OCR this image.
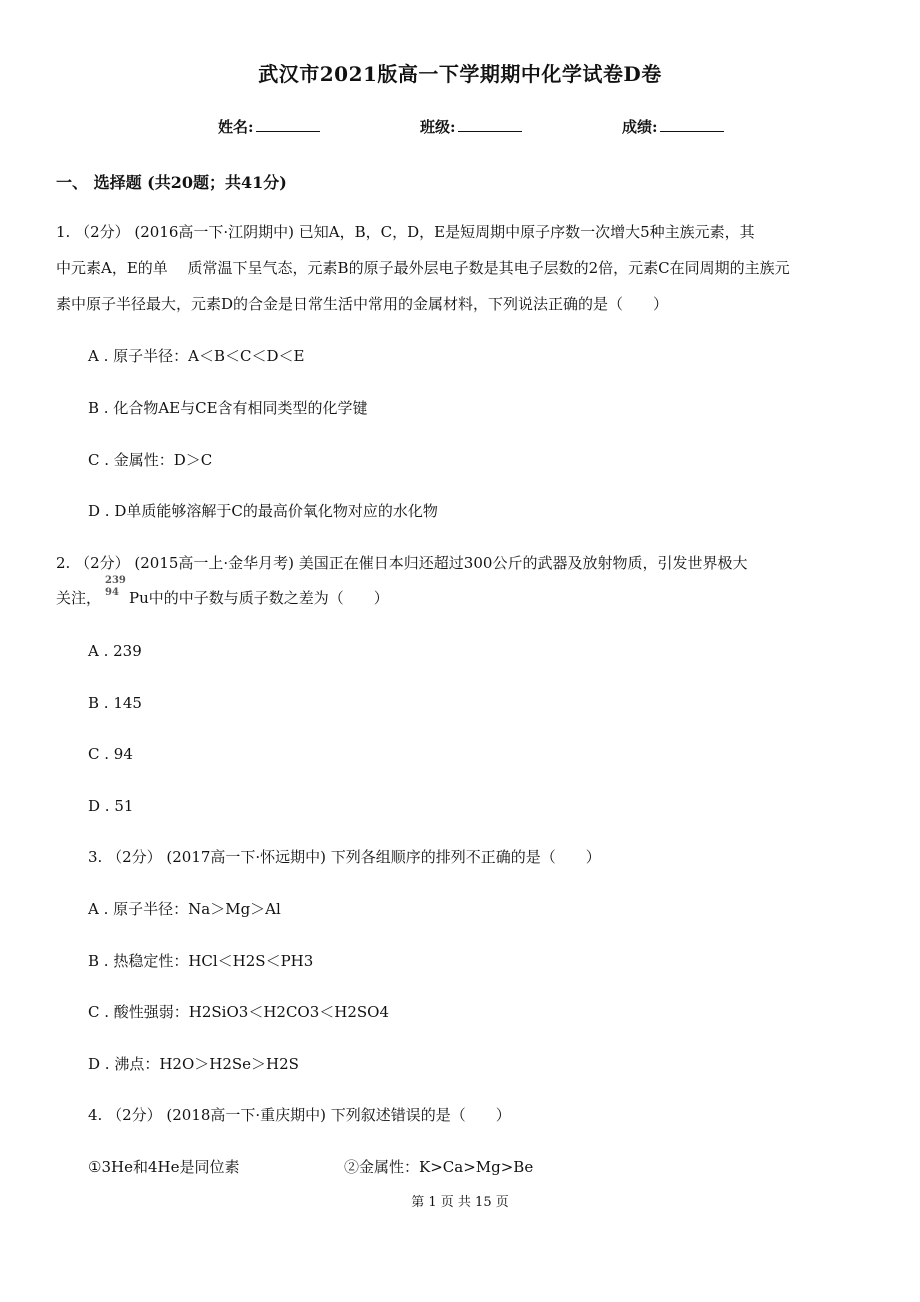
武汉市2021版高一下学期期中化学试卷D卷
姓名:	班级:	成绩:
一、 选择题 (共20题；共41分)
1. （2分） (2016高一下·江阴期中) 已知A，B，C，D，E是短周期中原子序数一次增大5种主族元素，其
中元素A，E的单　 质常温下呈气态，元素B的原子最外层电子数是其电子层数的2倍，元素C在同周期的主族元
素中原子半径最大，元素D的合金是日常生活中常用的金属材料，下列说法正确的是（　　）
A . 原子半径：A＜B＜C＜D＜E
B . 化合物AE与CE含有相同类型的化学键
C . 金属性：D＞C
D . D单质能够溶解于C的最高价氧化物对应的水化物
2. （2分） (2015高一上·金华月考) 美国正在催日本归还超过300公斤的武器及放射物质，引发世界极大
关注，
239
94 Pu中的中子数与质子数之差为（　　）
A . 239
B . 145
C . 94
D . 51
3. （2分） (2017高一下·怀远期中) 下列各组顺序的排列不正确的是（　　）
A . 原子半径：Na＞Mg＞Al
B . 热稳定性：HCl＜H2S＜PH3
C . 酸性强弱：H2SiO3＜H2CO3＜H2SO4
D . 沸点：H2O＞H2Se＞H2S
4. （2分） (2018高一下·重庆期中) 下列叙述错误的是（　　）
①3He和4He是同位素	②金属性：K>Ca>Mg>Be
第 1 页 共 15 页
